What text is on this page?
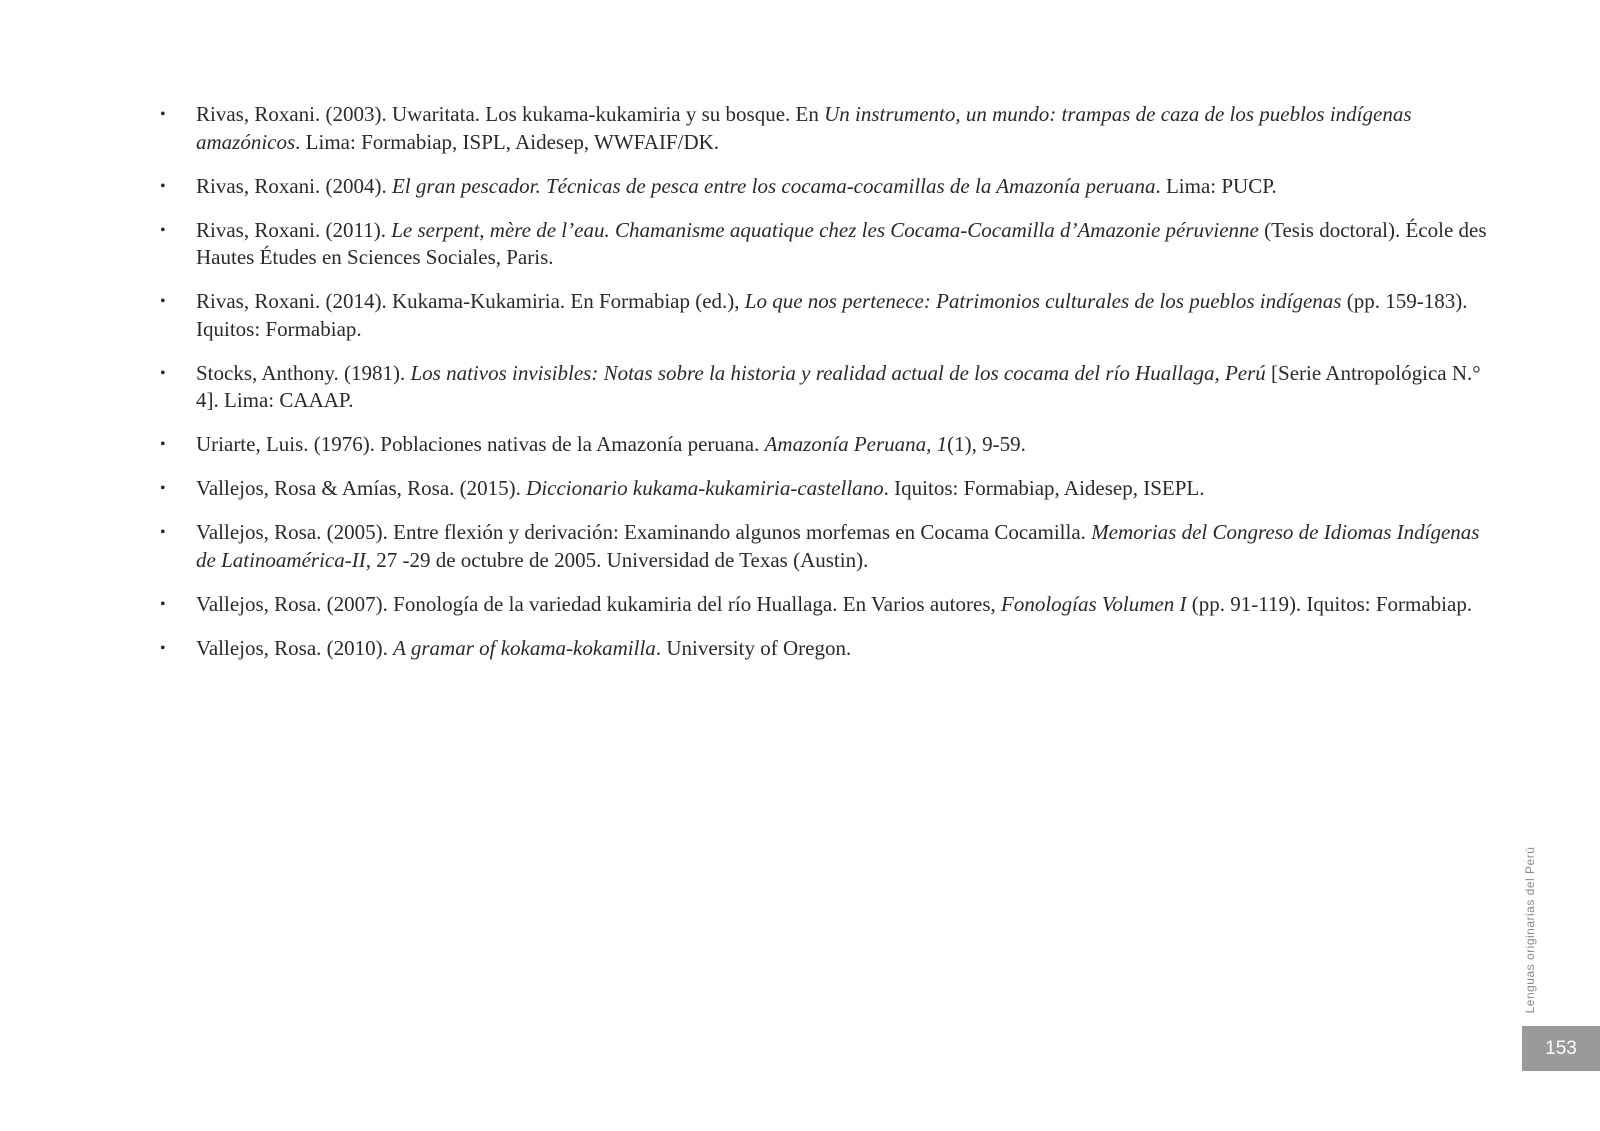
• Rivas, Roxani. (2003). Uwaritata. Los kukama-kukamiria y su bosque. En Un instrumento, un mundo: trampas de caza de los pueblos indígenas amazónicos. Lima: Formabiap, ISPL, Aidesep, WWFAIF/DK.
• Rivas, Roxani. (2004). El gran pescador. Técnicas de pesca entre los cocama-cocamillas de la Amazonía peruana. Lima: PUCP.
• Rivas, Roxani. (2011). Le serpent, mère de l’eau. Chamanisme aquatique chez les Cocama-Cocamilla d’Amazonie péruvienne (Tesis doctoral). École des Hautes Études en Sciences Sociales, Paris.
• Rivas, Roxani. (2014). Kukama-Kukamiria. En Formabiap (ed.), Lo que nos pertenece: Patrimonios culturales de los pueblos indígenas (pp. 159-183). Iquitos: Formabiap.
• Stocks, Anthony. (1981). Los nativos invisibles: Notas sobre la historia y realidad actual de los cocama del río Huallaga, Perú [Serie Antropológica N.° 4]. Lima: CAAAP.
• Uriarte, Luis. (1976). Poblaciones nativas de la Amazonía peruana. Amazonía Peruana, 1(1), 9-59.
• Vallejos, Rosa & Amías, Rosa. (2015). Diccionario kukama-kukamiria-castellano. Iquitos: Formabiap, Aidesep, ISEPL.
• Vallejos, Rosa. (2005). Entre flexión y derivación: Examinando algunos morfemas en Cocama Cocamilla. Memorias del Congreso de Idiomas Indígenas de Latinoamérica-II, 27 -29 de octubre de 2005. Universidad de Texas (Austin).
• Vallejos, Rosa. (2007). Fonología de la variedad kukamiria del río Huallaga. En Varios autores, Fonologías Volumen I (pp. 91-119). Iquitos: Formabiap.
• Vallejos, Rosa. (2010). A gramar of kokama-kokamilla. University of Oregon.
Lenguas originarias del Perú
153
